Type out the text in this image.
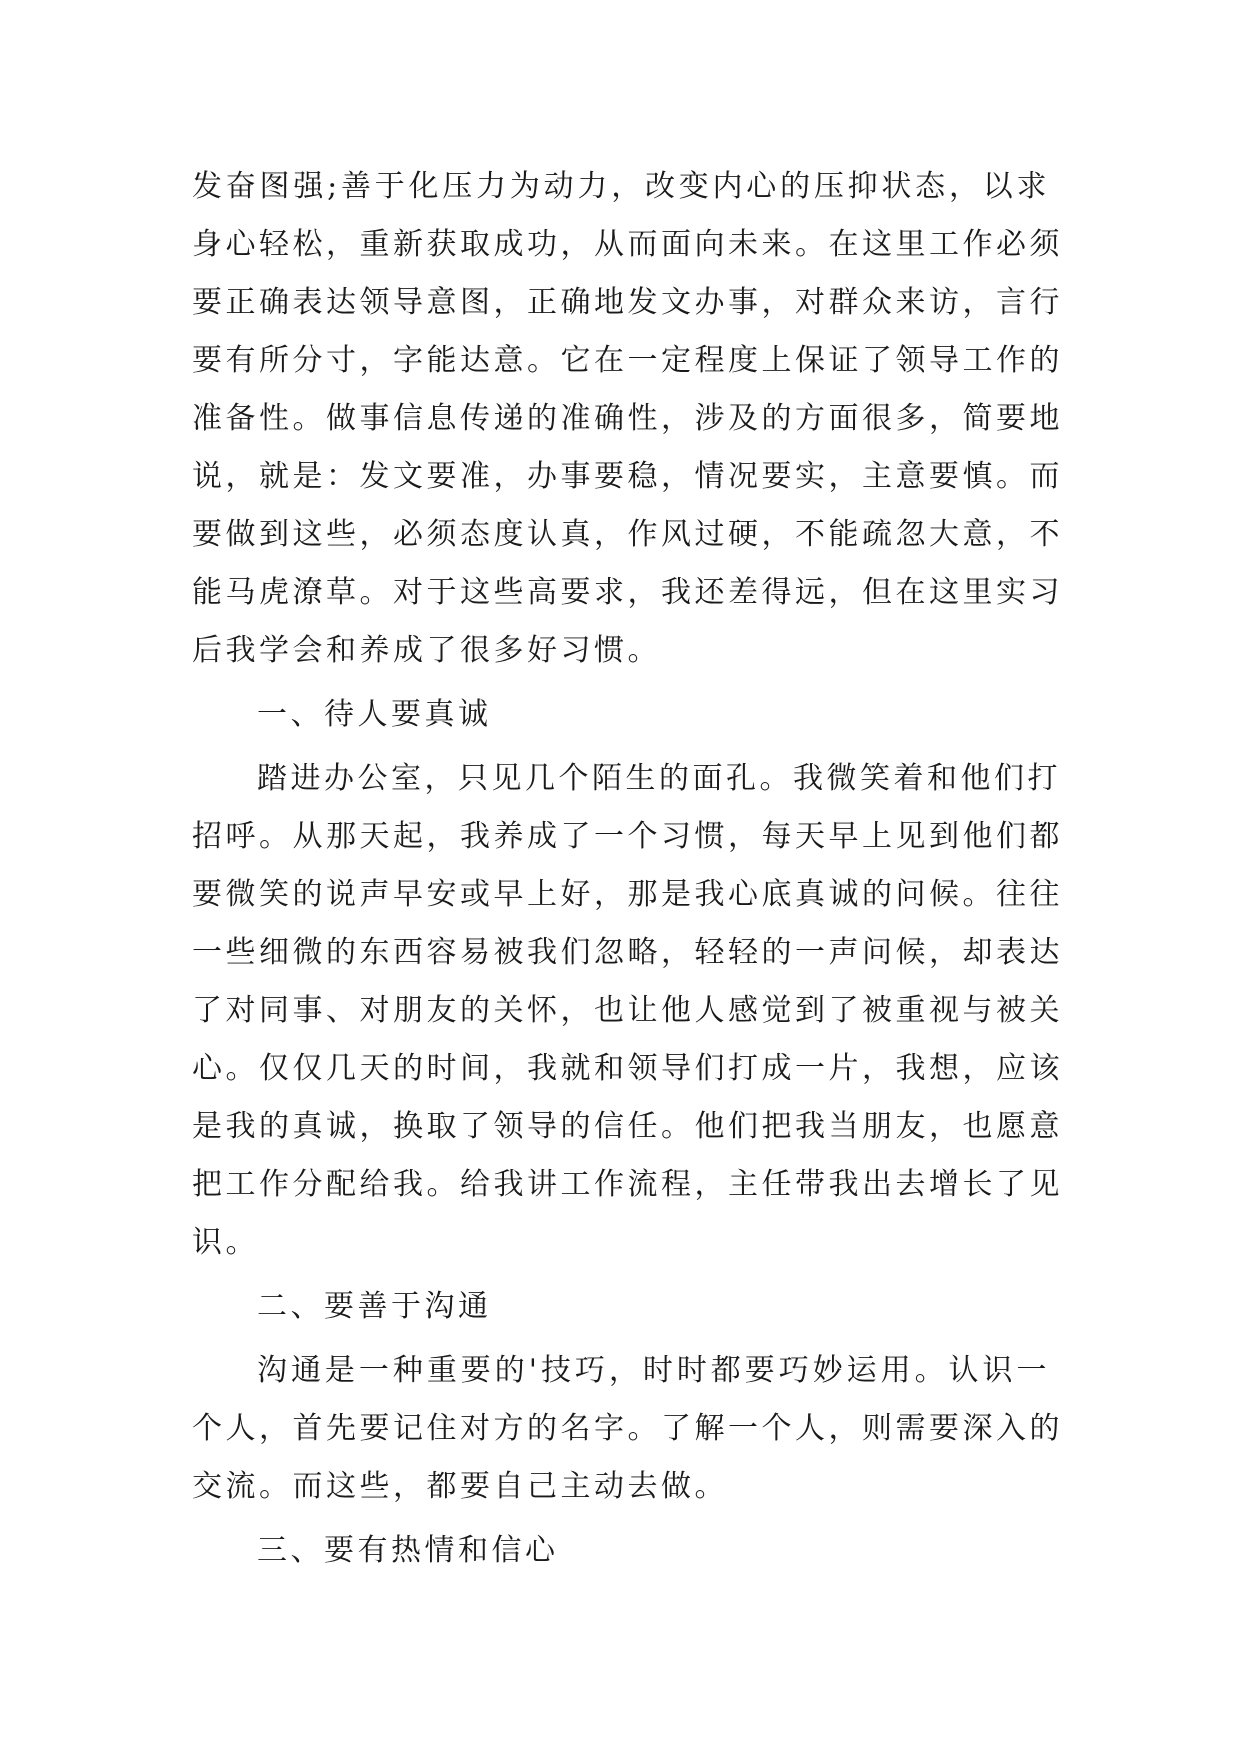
发奋图强;善于化压力为动力，改变内心的压抑状态，以求
身心轻松，重新获取成功，从而面向未来。在这里工作必须
要正确表达领导意图，正确地发文办事，对群众来访，言行
要有所分寸，字能达意。它在一定程度上保证了领导工作的
准备性。做事信息传递的准确性，涉及的方面很多，简要地
说，就是：发文要准，办事要稳，情况要实，主意要慎。而
要做到这些，必须态度认真，作风过硬，不能疏忽大意，不
能马虎潦草。对于这些高要求，我还差得远，但在这里实习
后我学会和养成了很多好习惯。
一、待人要真诚
踏进办公室，只见几个陌生的面孔。我微笑着和他们打
招呼。从那天起，我养成了一个习惯，每天早上见到他们都
要微笑的说声早安或早上好，那是我心底真诚的问候。往往
一些细微的东西容易被我们忽略，轻轻的一声问候，却表达
了对同事、对朋友的关怀，也让他人感觉到了被重视与被关
心。仅仅几天的时间，我就和领导们打成一片，我想，应该
是我的真诚，换取了领导的信任。他们把我当朋友，也愿意
把工作分配给我。给我讲工作流程，主任带我出去增长了见
识。
二、要善于沟通
沟通是一种重要的'技巧，时时都要巧妙运用。认识一
个人，首先要记住对方的名字。了解一个人，则需要深入的
交流。而这些，都要自己主动去做。
三、要有热情和信心
